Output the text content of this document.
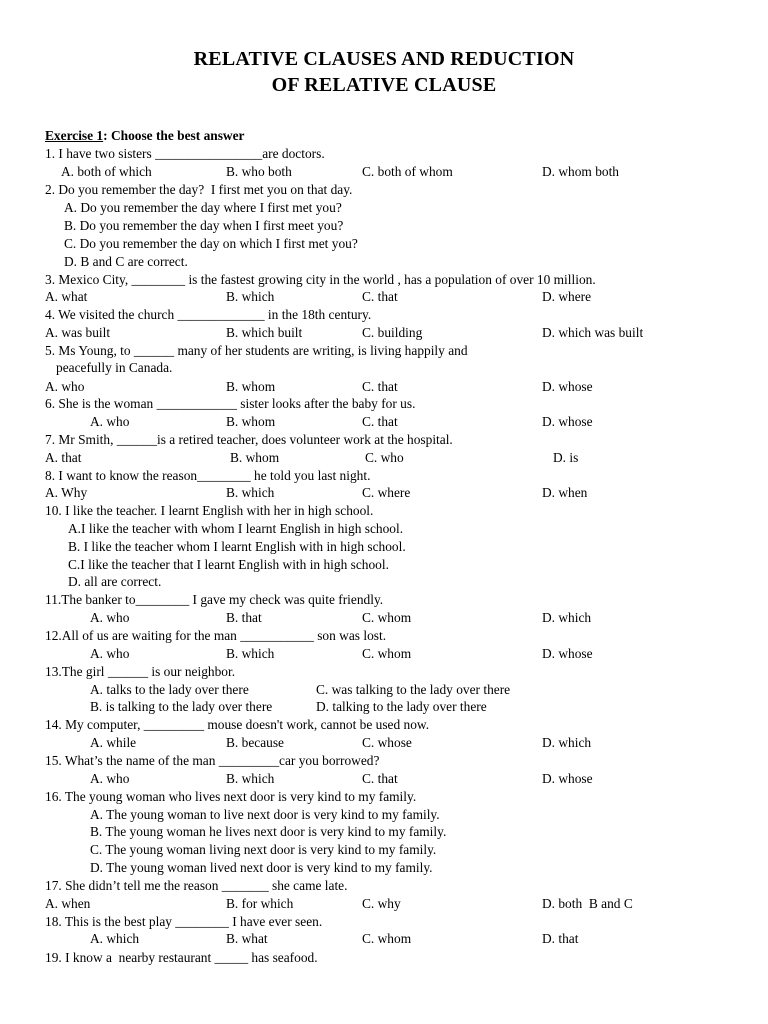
RELATIVE CLAUSES AND REDUCTION
OF RELATIVE CLAUSE
Exercise 1: Choose the best answer
1. I have two sisters ________________are doctors.
A. both of which	B. who both	C. both of whom	D. whom both
2. Do you remember the day?  I first met you on that day.
A. Do you remember the day where I first met you?
B. Do you remember the day when I first meet you?
C. Do you remember the day on which I first met you?
D. B and C are correct.
3. Mexico City, ________ is the fastest growing city in the world , has a population of over 10 million.
A. what	B. which	C. that	D. where
4. We visited the church _____________ in the 18th century.
A. was built	B. which built	C. building	D. which was built
5. Ms Young, to ______ many of her students are writing, is living happily and
peacefully in Canada.
A. who	B. whom	C. that	D. whose
6. She is the woman ____________ sister looks after the baby for us.
A. who	B. whom	C. that	D. whose
7. Mr Smith, ______is a retired teacher, does volunteer work at the hospital.
A. that	B. whom	C. who	D. is
8. I want to know the reason________ he told you last night.
A. Why	B. which	C. where	D. when
10. I like the teacher. I learnt English with her in high school.
A.I like the teacher with whom I learnt English in high school.
B. I like the teacher whom I learnt English with in high school.
C.I like the teacher that I learnt English with in high school.
D. all are correct.
11.The banker to________ I gave my check was quite friendly.
A. who	B. that	C. whom	D. which
12.All of us are waiting for the man ___________ son was lost.
A. who	B. which	C. whom	D. whose
13.The girl ______ is our neighbor.
A. talks to the lady over there	C. was talking to the lady over there
B. is talking to the lady over there	D. talking to the lady over there
14. My computer, _________ mouse doesn't work, cannot be used now.
A. while	B. because	C. whose	D. which
15. What’s the name of the man _________car you borrowed?
A. who	B. which	C. that	D. whose
16. The young woman who lives next door is very kind to my family.
A. The young woman to live next door is very kind to my family.
B. The young woman he lives next door is very kind to my family.
C. The young woman living next door is very kind to my family.
D. The young woman lived next door is very kind to my family.
17. She didn’t tell me the reason _______ she came late.
A. when	B. for which	C. why	D. both  B and C
18. This is the best play ________ I have ever seen.
A. which	B. what	C. whom	D. that
19. I know a  nearby restaurant _____ has seafood.
